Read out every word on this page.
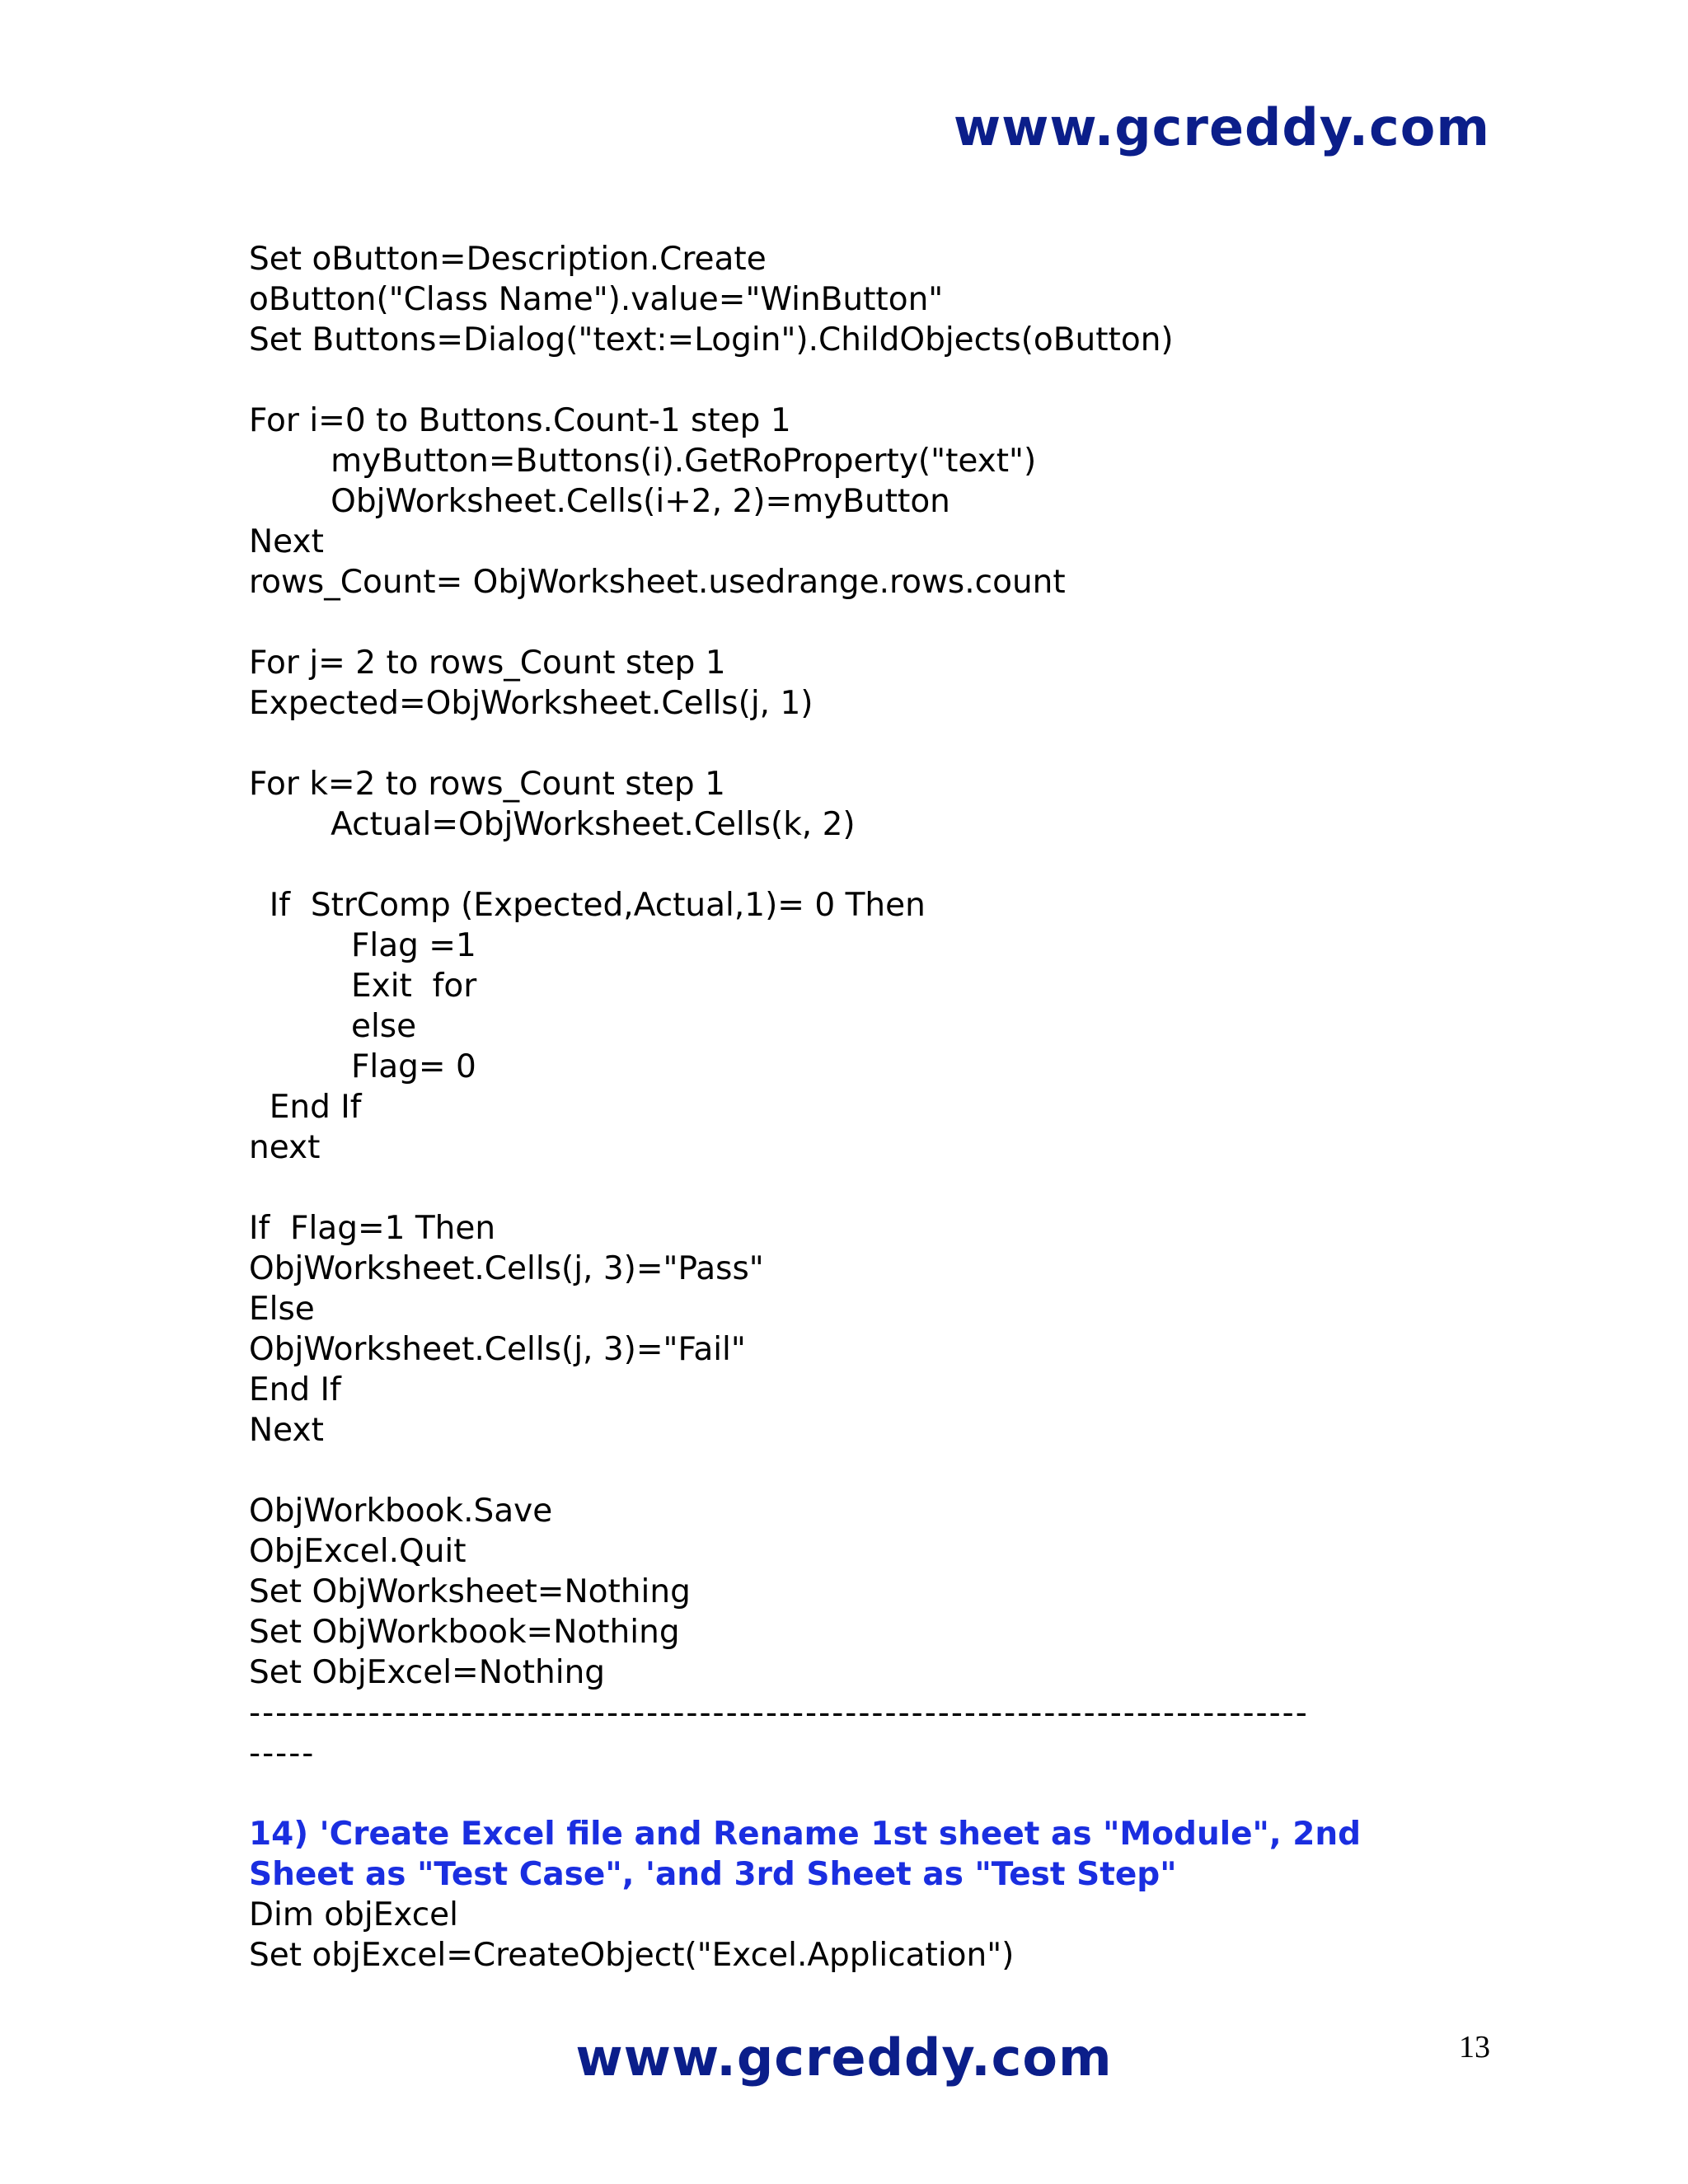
www.gcreddy.com
Set oButton=Description.Create
oButton("Class Name").value="WinButton"
Set Buttons=Dialog("text:=Login").ChildObjects(oButton)
For i=0 to Buttons.Count-1 step 1
myButton=Buttons(i).GetRoProperty("text")
ObjWorksheet.Cells(i+2, 2)=myButton
Next
rows_Count= ObjWorksheet.usedrange.rows.count
For j= 2 to rows_Count step 1
Expected=ObjWorksheet.Cells(j, 1)
For k=2 to rows_Count step 1
Actual=ObjWorksheet.Cells(k, 2)
If  StrComp (Expected,Actual,1)= 0 Then
Flag =1
Exit  for
else
Flag= 0
End If
next
If  Flag=1 Then
ObjWorksheet.Cells(j, 3)="Pass"
Else
ObjWorksheet.Cells(j, 3)="Fail"
End If
Next
ObjWorkbook.Save
ObjExcel.Quit
Set ObjWorksheet=Nothing
Set ObjWorkbook=Nothing
Set ObjExcel=Nothing
--------------------------------------------------------------------------------
-----
14) 'Create Excel file and Rename 1st sheet as "Module", 2nd
Sheet as "Test Case", 'and 3rd Sheet as "Test Step"
Dim objExcel
Set objExcel=CreateObject("Excel.Application")
www.gcreddy.com	13
